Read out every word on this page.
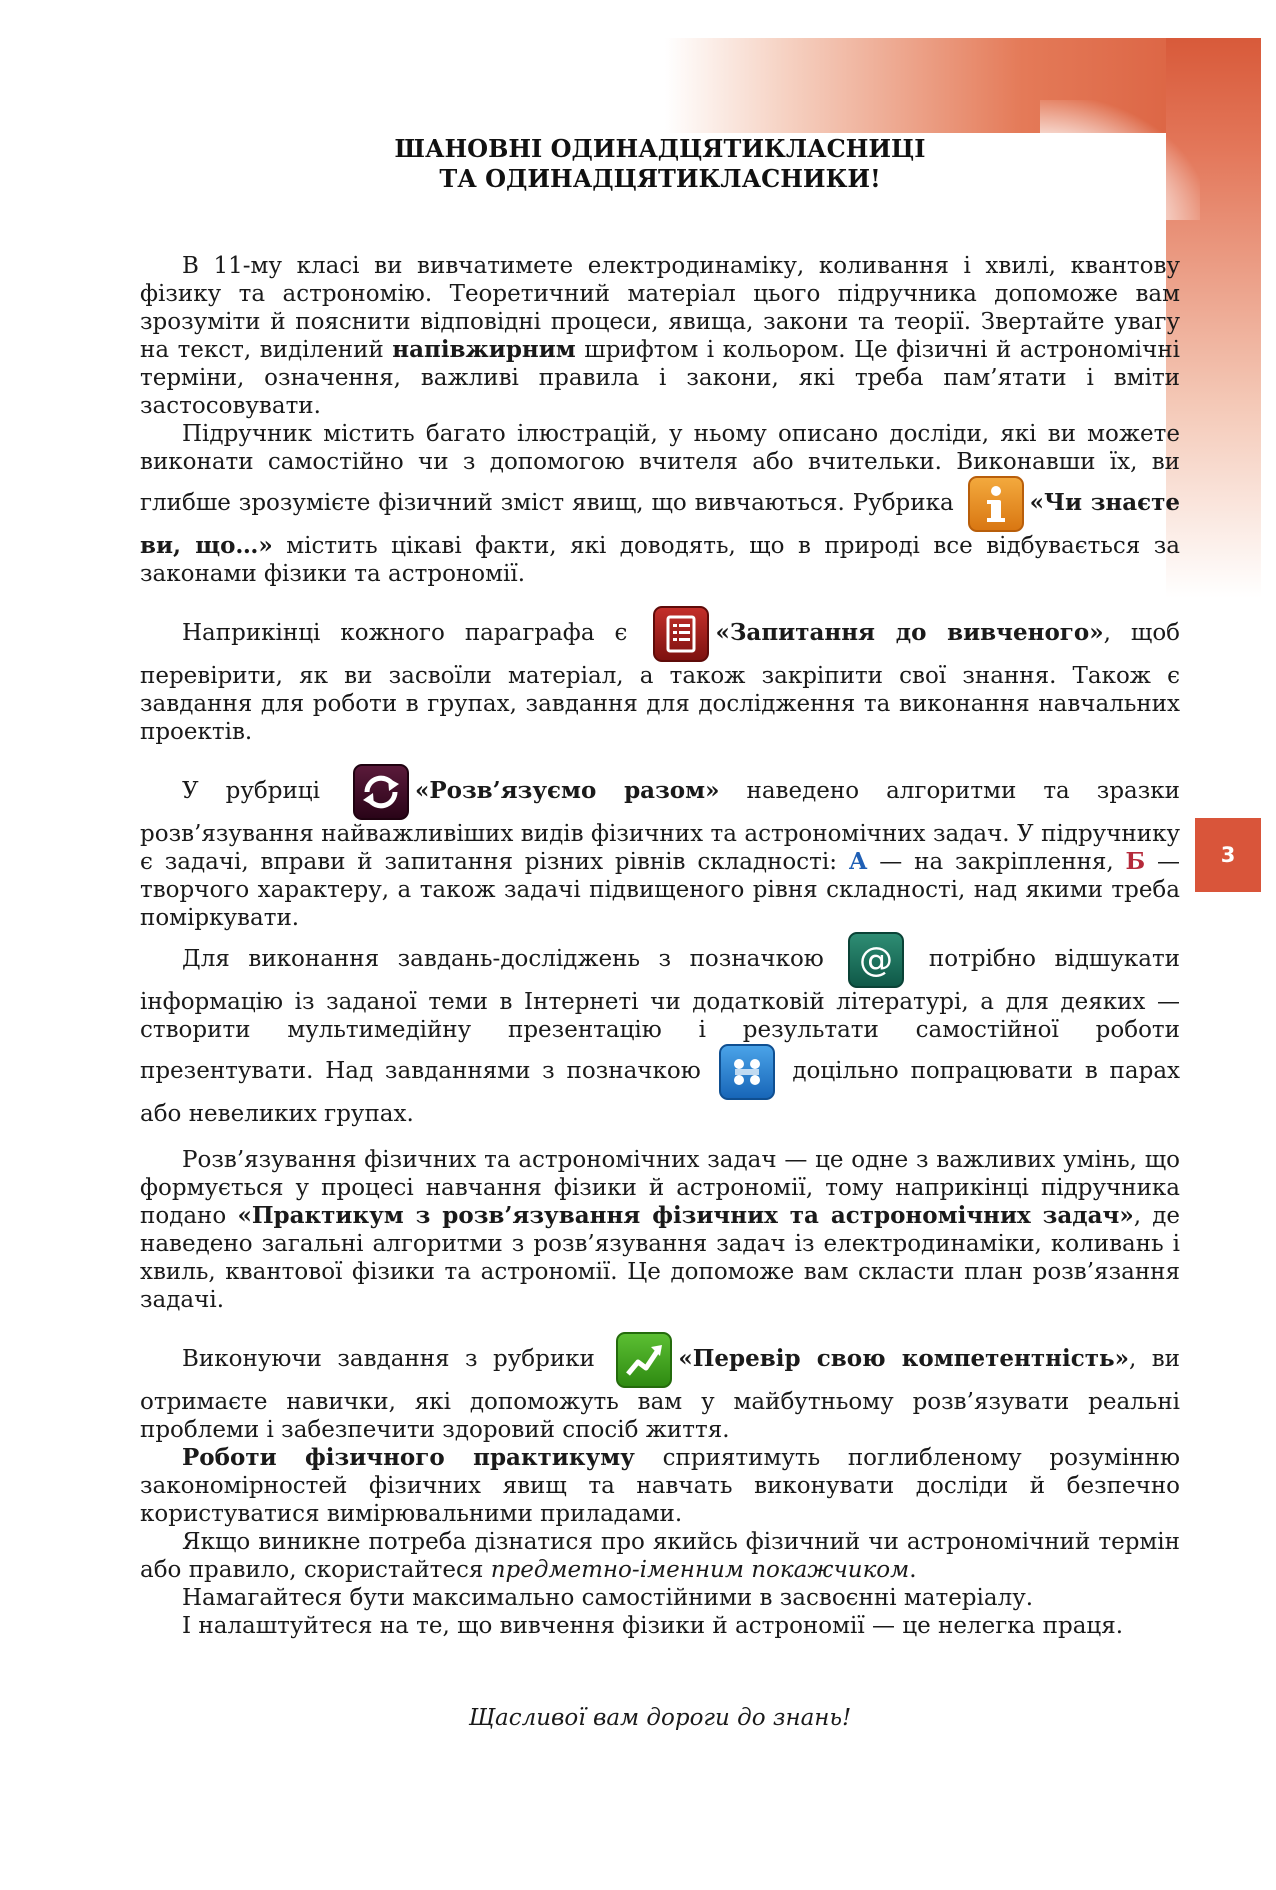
3
ШАНОВНІ ОДИНАДЦЯТИКЛАСНИЦІ
ТА ОДИНАДЦЯТИКЛАСНИКИ!

В 11-му класі ви вивчатимете електродинаміку, коливання і хвилі, квантову фізику та астрономію. Теоретичний матеріал цього підручника допоможе вам зрозуміти й пояснити відповідні процеси, явища, закони та теорії. Звертайте увагу на текст, виділений напівжирним шрифтом і кольором. Це фізичні й астрономічні терміни, означення, важливі правила і закони, які треба пам’ятати і вміти застосовувати.

Підручник містить багато ілюстрацій, у ньому описано досліди, які ви можете виконати самостійно чи з допомогою вчителя або вчительки. Виконавши їх, ви глибше зрозумієте фізичний зміст явищ, що вивчаються. Рубрика	«Чи знаєте ви, що…» містить цікаві факти, які доводять, що в природі все відбувається за законами фізики та астрономії.

Наприкінці кожного параграфа є	«Запитання до вивченого», щоб перевірити, як ви засвоїли матеріал, а також закріпити свої знання. Також є завдання для роботи в групах, завдання для дослідження та виконання навчальних проектів.

У рубриці	«Розв’язуємо разом» наведено алгоритми та зразки розв’язування найважливіших видів фізичних та астрономічних задач. У підручнику є задачі, вправи й запитання різних рівнів складності: А — на закріплення, Б — творчого характеру, а також задачі підвищеного рівня складності, над якими треба поміркувати.

Для виконання завдань-досліджень з позначкою @ потрібно відшукати інформацію із заданої теми в Інтернеті чи додатковій літературі, а для деяких — створити мультимедійну презентацію і результати самостійної роботи презентувати. Над завданнями з позначкою	доцільно попрацювати в парах або невеликих групах.

Розв’язування фізичних та астрономічних задач — це одне з важливих умінь, що формується у процесі навчання фізики й астрономії, тому наприкінці підручника подано «Практикум з розв’язування фізичних та астрономічних задач», де наведено загальні алгоритми з розв’язування задач із електродинаміки, коливань і хвиль, квантової фізики та астрономії. Це допоможе вам скласти план розв’язання задачі.

Виконуючи завдання з рубрики	«Перевір свою компетентність», ви отримаєте навички, які допоможуть вам у майбутньому розв’язувати реальні проблеми і забезпечити здоровий спосіб життя.

Роботи фізичного практикуму сприятимуть поглибленому розумінню закономірностей фізичних явищ та навчать виконувати досліди й безпечно користуватися вимірювальними приладами.

Якщо виникне потреба дізнатися про якийсь фізичний чи астрономічний термін або правило, скористайтеся предметно-іменним покажчиком.

Намагайтеся бути максимально самостійними в засвоєнні матеріалу.

І налаштуйтеся на те, що вивчення фізики й астрономії — це нелегка праця.

Щасливої вам дороги до знань!
